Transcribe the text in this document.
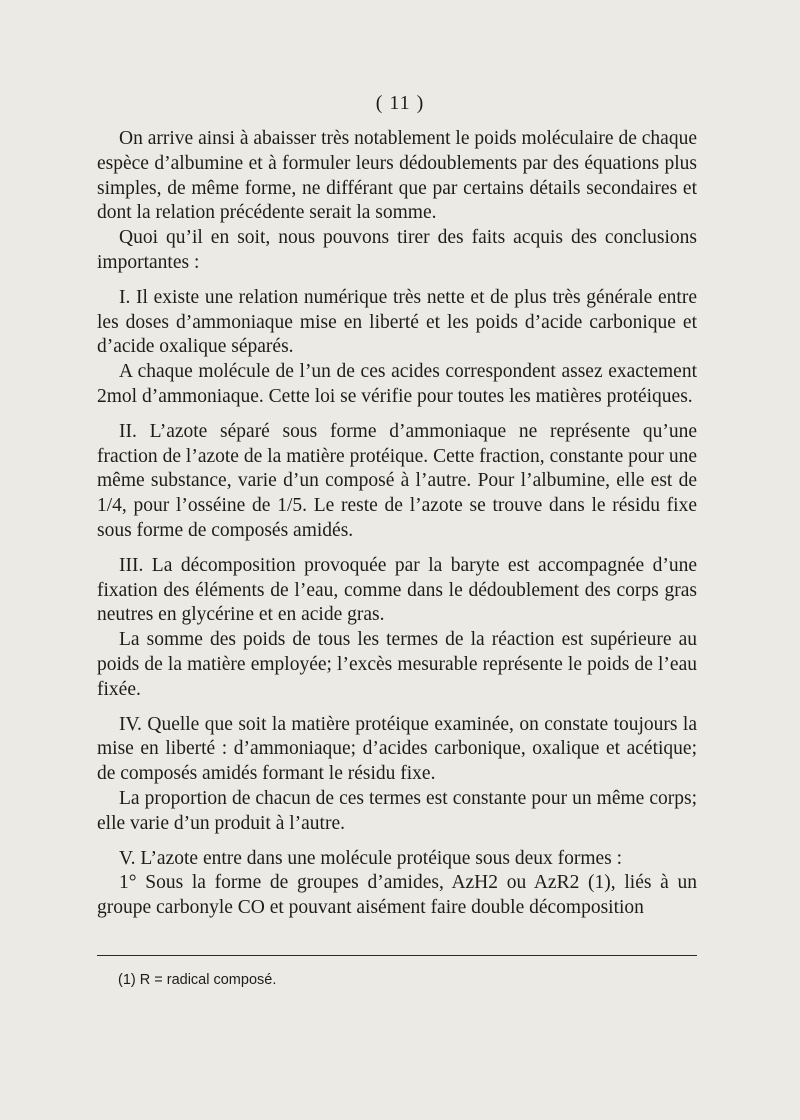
( 11 )

On arrive ainsi à abaisser très notablement le poids moléculaire de chaque espèce d’albumine et à formuler leurs dédoublements par des équations plus simples, de même forme, ne différant que par certains détails secondaires et dont la relation précédente serait la somme.

Quoi qu’il en soit, nous pouvons tirer des faits acquis des conclusions importantes :

I. Il existe une relation numérique très nette et de plus très générale entre les doses d’ammoniaque mise en liberté et les poids d’acide carbonique et d’acide oxalique séparés.

A chaque molécule de l’un de ces acides correspondent assez exactement 2mol d’ammoniaque. Cette loi se vérifie pour toutes les matières protéiques.

II. L’azote séparé sous forme d’ammoniaque ne représente qu’une fraction de l’azote de la matière protéique. Cette fraction, constante pour une même substance, varie d’un composé à l’autre. Pour l’albumine, elle est de 1/4, pour l’osséine de 1/5. Le reste de l’azote se trouve dans le résidu fixe sous forme de composés amidés.

III. La décomposition provoquée par la baryte est accompagnée d’une fixation des éléments de l’eau, comme dans le dédoublement des corps gras neutres en glycérine et en acide gras.

La somme des poids de tous les termes de la réaction est supérieure au poids de la matière employée; l’excès mesurable représente le poids de l’eau fixée.

IV. Quelle que soit la matière protéique examinée, on constate toujours la mise en liberté : d’ammoniaque; d’acides carbonique, oxalique et acétique; de composés amidés formant le résidu fixe.

La proportion de chacun de ces termes est constante pour un même corps; elle varie d’un produit à l’autre.

V. L’azote entre dans une molécule protéique sous deux formes :

1° Sous la forme de groupes d’amides, AzH2 ou AzR2 (1), liés à un groupe carbonyle CO et pouvant aisément faire double décomposition

(1) R = radical composé.
